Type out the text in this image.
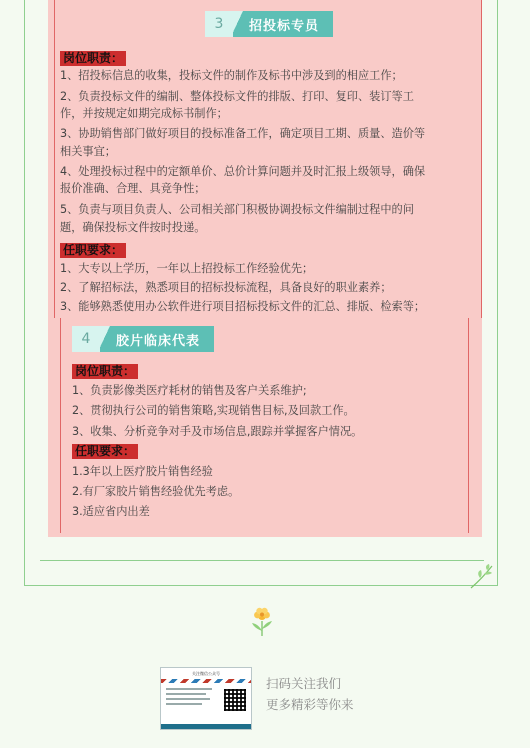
3	招投标专员
岗位职责：
1、招投标信息的收集，投标文件的制作及标书中涉及到的相应工作；
2、负责投标文件的编制、整体投标文件的排版、打印、复印、装订等工
作，并按规定如期完成标书制作；
3、协助销售部门做好项目的投标准备工作，确定项目工期、质量、造价等
相关事宜；
4、处理投标过程中的定额单价、总价计算问题并及时汇报上级领导，确保
报价准确、合理、具竞争性；
5、负责与项目负责人、公司相关部门积极协调投标文件编制过程中的问
题，确保投标文件按时投递。
任职要求：
1、大专以上学历，一年以上招投标工作经验优先；
2、了解招标法，熟悉项目的招标投标流程，具备良好的职业素养；
3、能够熟悉使用办公软件进行项目招标投标文件的汇总、排版、检索等；
4	胶片临床代表
岗位职责：
1、负责影像类医疗耗材的销售及客户关系维护;
2、贯彻执行公司的销售策略,实现销售目标,及回款工作。
3、收集、分析竞争对手及市场信息,跟踪并掌握客户情况。
任职要求：
1.3年以上医疗胶片销售经验
2.有厂家胶片销售经验优先考虑。
3.适应省内出差
关注微信公众号
扫码关注我们
更多精彩等你来
